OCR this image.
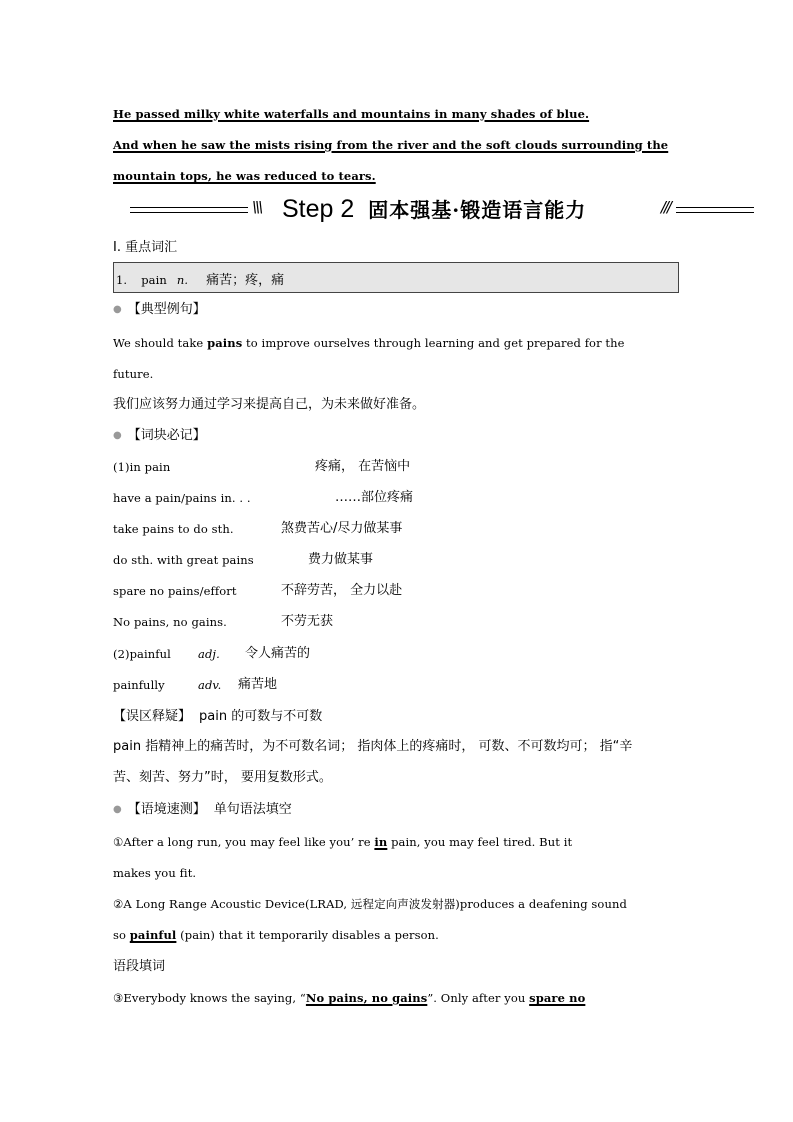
He passed milky white waterfalls and mountains in many shades of blue.
And when he saw the mists rising from the river and the soft clouds surrounding the
mountain tops, he was reduced to tears.
\\\ Step 2 固本强基·锻造语言能力	///
Ⅰ. 重点词汇
1. pain n. 痛苦；疼，痛
● 【典型例句】
We should take pains to improve ourselves through learning and get prepared for the
future.
我们应该努力通过学习来提高自己，为未来做好准备。
● 【词块必记】
(1)in pain	疼痛， 在苦恼中
have a pain/pains in. . .	……部位疼痛
take pains to do sth.	煞费苦心/尽力做某事
do sth. with great pains	费力做某事
spare no pains/effort	不辞劳苦， 全力以赴
No pains, no gains.	不劳无获
(2)painful adj. 令人痛苦的
painfully	adv. 痛苦地
【误区释疑】 pain 的可数与不可数
pain 指精神上的痛苦时，为不可数名词； 指肉体上的疼痛时， 可数、不可数均可； 指“辛
苦、刻苦、努力”时， 要用复数形式。
● 【语境速测】 单句语法填空
①After a long run, you may feel like you’ re in pain, you may feel tired. But it
makes you fit.
②A Long Range Acoustic Device(LRAD, 远程定向声波发射器)produces a deafening sound
so painful (pain) that it temporarily disables a person.
语段填词
③Everybody knows the saying, “No pains, no gains”. Only after you spare no
